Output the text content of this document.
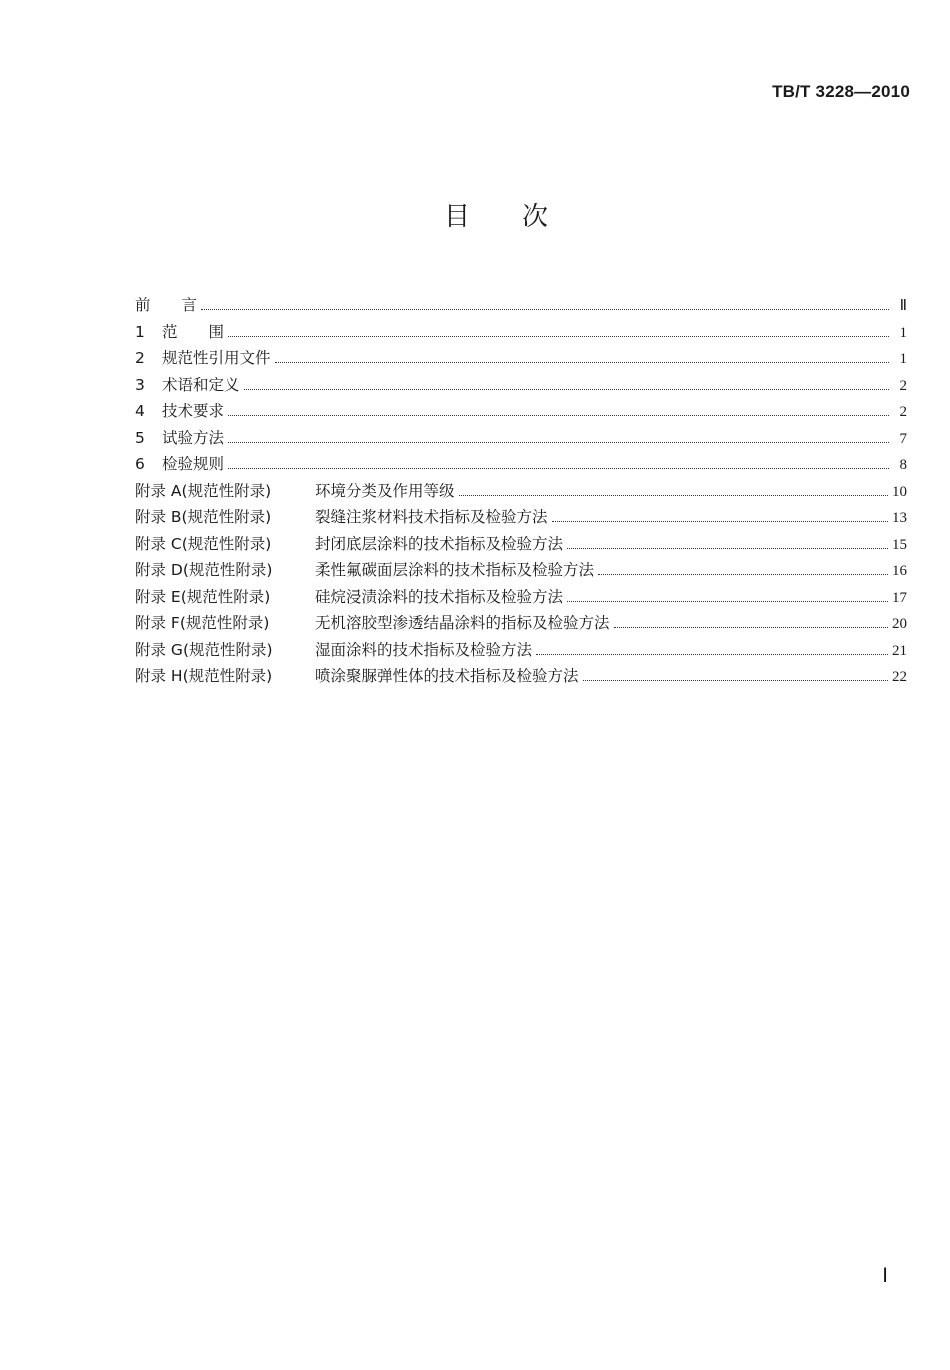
TB/T 3228—2010
目次
前　　言	Ⅱ
1 范　　围	1
2 规范性引用文件	1
3 术语和定义	2
4 技术要求	2
5 试验方法	7
6 检验规则	8
附录 A(规范性附录)	环境分类及作用等级	10
附录 B(规范性附录)	裂缝注浆材料技术指标及检验方法	13
附录 C(规范性附录)	封闭底层涂料的技术指标及检验方法	15
附录 D(规范性附录)	柔性氟碳面层涂料的技术指标及检验方法	16
附录 E(规范性附录)	硅烷浸渍涂料的技术指标及检验方法	17
附录 F(规范性附录)	无机溶胶型渗透结晶涂料的指标及检验方法	20
附录 G(规范性附录)	湿面涂料的技术指标及检验方法	21
附录 H(规范性附录)	喷涂聚脲弹性体的技术指标及检验方法	22
Ⅰ
